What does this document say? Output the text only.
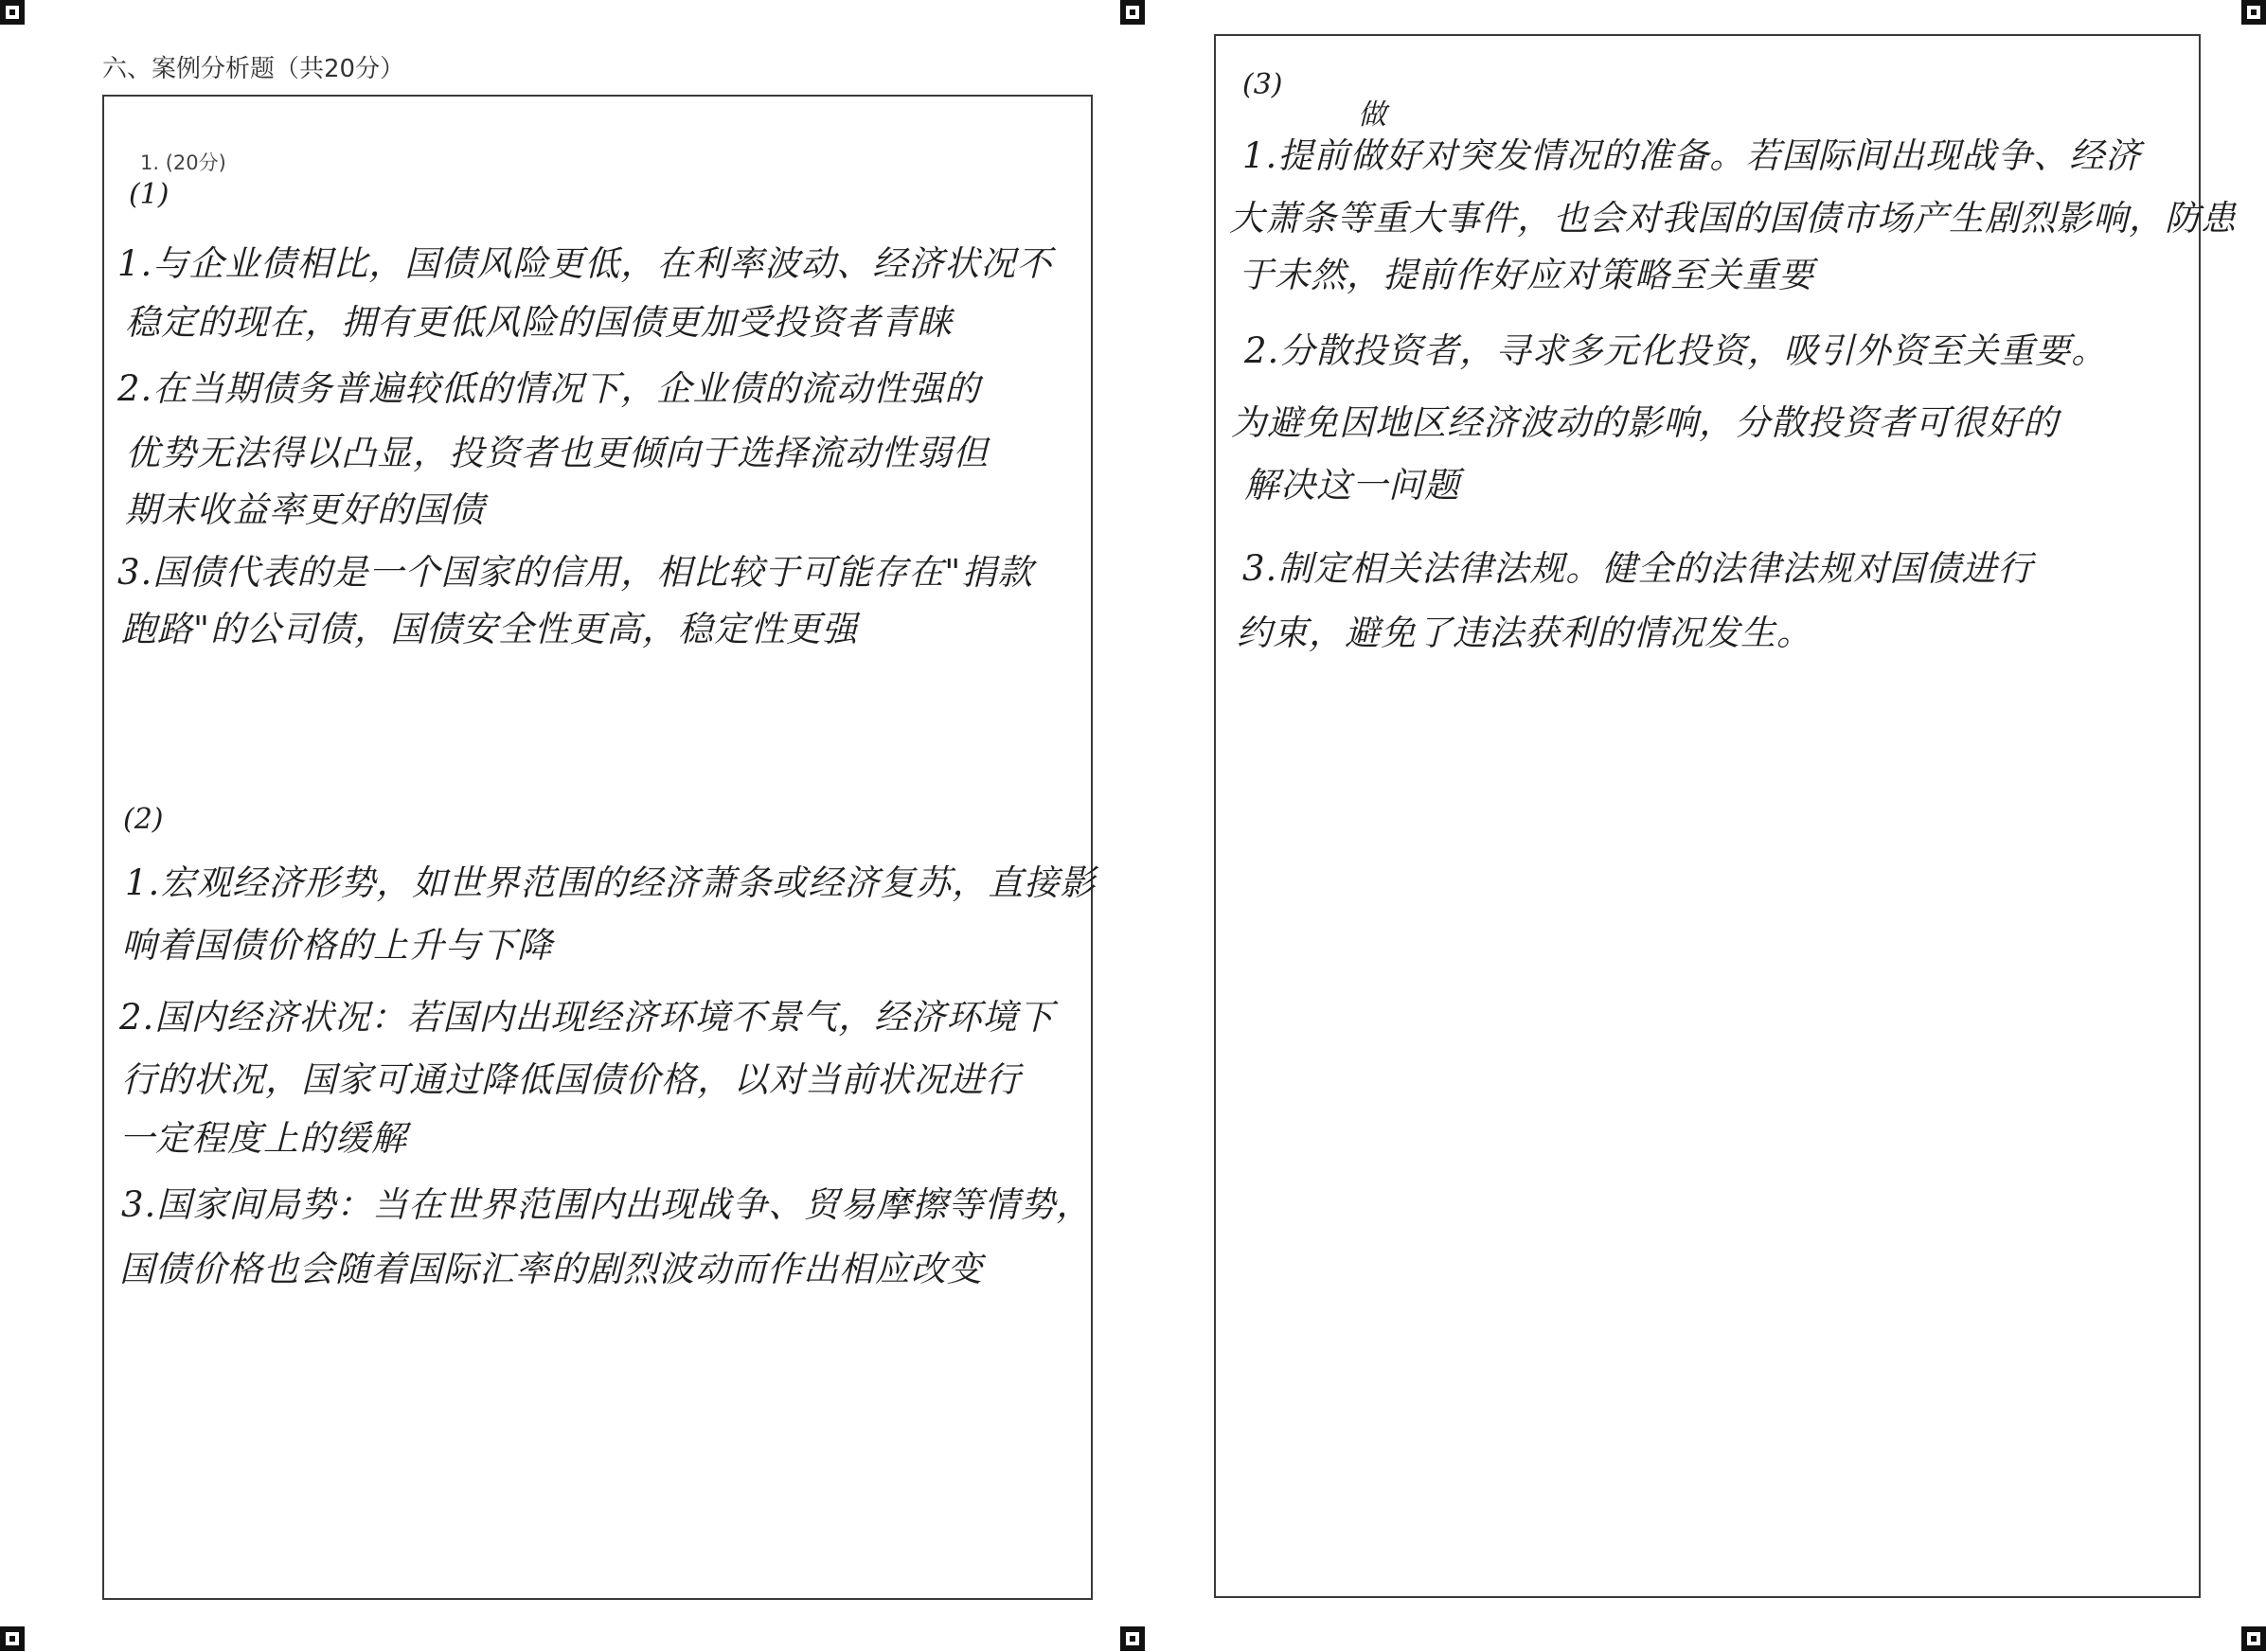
六、案例分析题（共20分）
1. (20分)
(1)
1.与企业债相比，国债风险更低，在利率波动、经济状况不
稳定的现在，拥有更低风险的国债更加受投资者青睐
2.在当期债务普遍较低的情况下，企业债的流动性强的
优势无法得以凸显，投资者也更倾向于选择流动性弱但
期末收益率更好的国债
3.国债代表的是一个国家的信用，相比较于可能存在"捐款
跑路"的公司债，国债安全性更高，稳定性更强
(2)
1.宏观经济形势，如世界范围的经济萧条或经济复苏，直接影
响着国债价格的上升与下降
2.国内经济状况：若国内出现经济环境不景气，经济环境下
行的状况，国家可通过降低国债价格，以对当前状况进行
一定程度上的缓解
3.国家间局势：当在世界范围内出现战争、贸易摩擦等情势，
国债价格也会随着国际汇率的剧烈波动而作出相应改变
(3)
做
1.提前做好对突发情况的准备。若国际间出现战争、经济
大萧条等重大事件，也会对我国的国债市场产生剧烈影响，防患
于未然，提前作好应对策略至关重要
2.分散投资者，寻求多元化投资，吸引外资至关重要。
为避免因地区经济波动的影响，分散投资者可很好的
解决这一问题
3.制定相关法律法规。健全的法律法规对国债进行
约束，避免了违法获利的情况发生。
